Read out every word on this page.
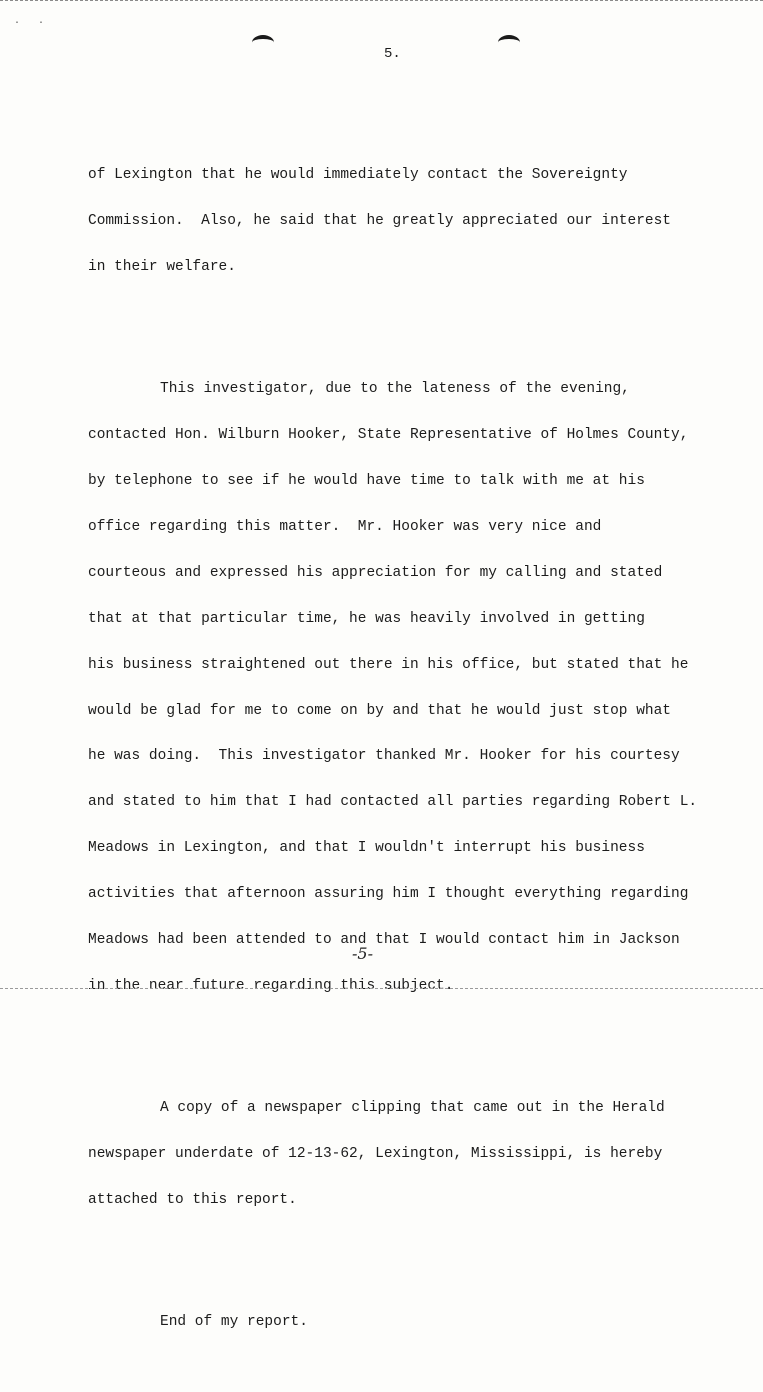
· ·
5.

of Lexington that he would immediately contact the Sovereignty

Commission.  Also, he said that he greatly appreciated our interest

in their welfare.

This investigator, due to the lateness of the evening,

contacted Hon. Wilburn Hooker, State Representative of Holmes County,

by telephone to see if he would have time to talk with me at his

office regarding this matter.  Mr. Hooker was very nice and

courteous and expressed his appreciation for my calling and stated

that at that particular time, he was heavily involved in getting

his business straightened out there in his office, but stated that he

would be glad for me to come on by and that he would just stop what

he was doing.  This investigator thanked Mr. Hooker for his courtesy

and stated to him that I had contacted all parties regarding Robert L.

Meadows in Lexington, and that I wouldn't interrupt his business

activities that afternoon assuring him I thought everything regarding

Meadows had been attended to and that I would contact him in Jackson

in the near future regarding this subject.

A copy of a newspaper clipping that came out in the Herald

newspaper underdate of 12-13-62, Lexington, Mississippi, is hereby

attached to this report.

End of my report.

-5-
